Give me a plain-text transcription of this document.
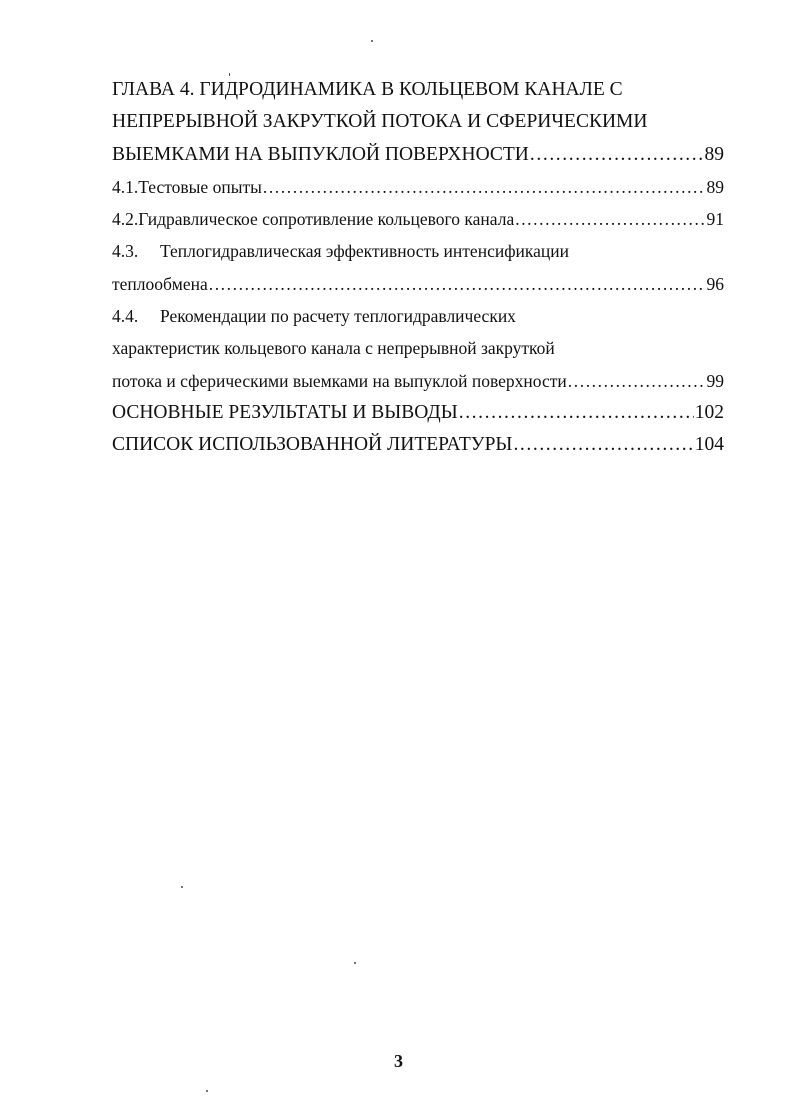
ГЛАВА 4. ГИДРОДИНАМИКА В КОЛЬЦЕВОМ КАНАЛЕ С
НЕПРЕРЫВНОЙ ЗАКРУТКОЙ ПОТОКА И СФЕРИЧЕСКИМИ
ВЫЕМКАМИ НА ВЫПУКЛОЙ ПОВЕРХНОСТИ .....	89
4.1. Тестовые опыты .....	89
4.2. Гидравлическое сопротивление кольцевого канала .....	91
4.3.	Теплогидравлическая эффективность интенсификации
теплообмена .....	96
4.4.	Рекомендации по расчету теплогидравлических
характеристик кольцевого канала с непрерывной закруткой
потока и сферическими выемками на выпуклой поверхности .....	99
ОСНОВНЫЕ РЕЗУЛЬТАТЫ И ВЫВОДЫ .....	102
СПИСОК ИСПОЛЬЗОВАННОЙ ЛИТЕРАТУРЫ .....	104
3
